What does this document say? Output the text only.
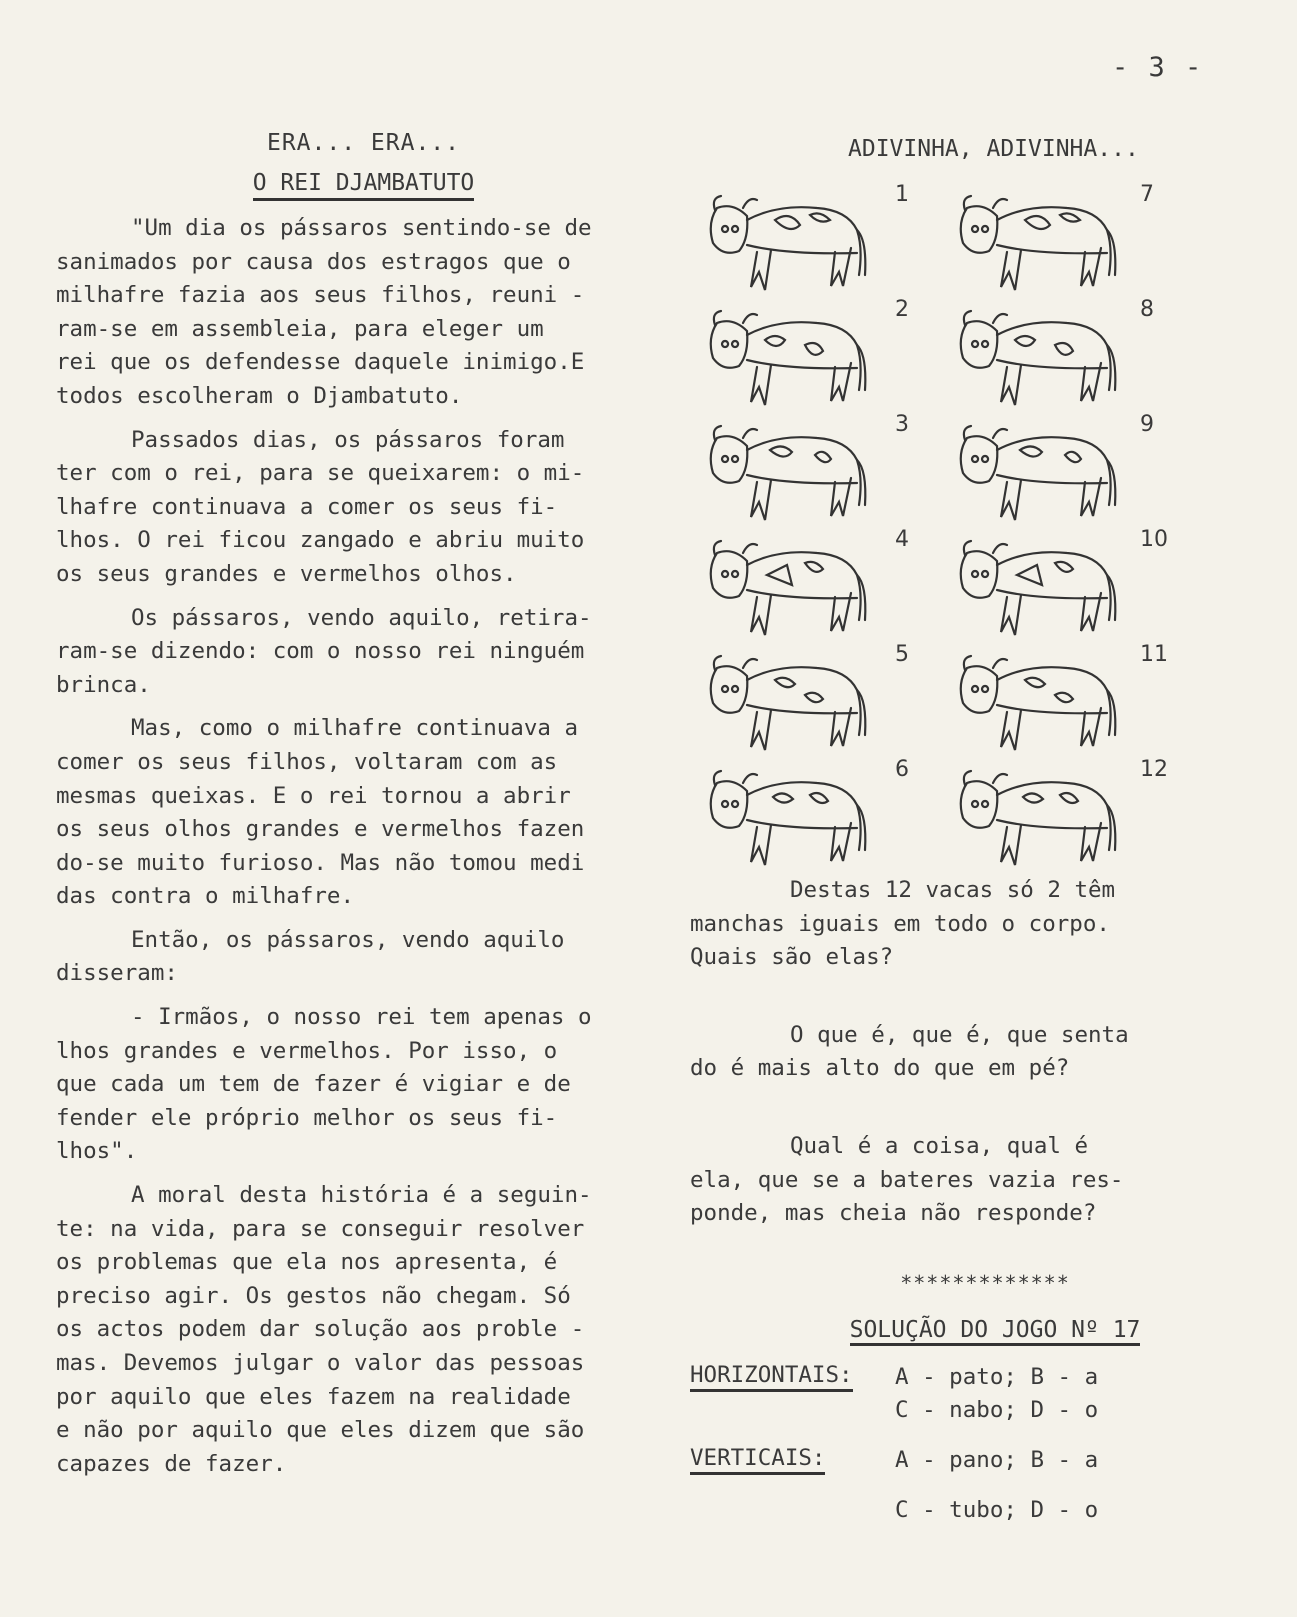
- 3 -
ERA... ERA...
O REI DJAMBATUTO
"Um dia os pássaros sentindo-se de
sanimados por causa dos estragos que o
milhafre fazia aos seus filhos, reuni -
ram-se em assembleia, para eleger um
rei que os defendesse daquele inimigo.E
todos escolheram o Djambatuto.
Passados dias, os pássaros foram
ter com o rei, para se queixarem: o mi-
lhafre continuava a comer os seus fi-
lhos. O rei ficou zangado e abriu muito
os seus grandes e vermelhos olhos.
Os pássaros, vendo aquilo, retira-
ram-se dizendo: com o nosso rei ninguém
brinca.
Mas, como o milhafre continuava a
comer os seus filhos, voltaram com as
mesmas queixas. E o rei tornou a abrir
os seus olhos grandes e vermelhos fazen
do-se muito furioso. Mas não tomou medi
das contra o milhafre.
Então, os pássaros, vendo aquilo
disseram:
- Irmãos, o nosso rei tem apenas o
lhos grandes e vermelhos. Por isso, o
que cada um tem de fazer é vigiar e de
fender ele próprio melhor os seus fi-
lhos".
A moral desta história é a seguin-
te: na vida, para se conseguir resolver
os problemas que ela nos apresenta, é
preciso agir. Os gestos não chegam. Só
os actos podem dar solução aos proble -
mas. Devemos julgar o valor das pessoas
por aquilo que eles fazem na realidade
e não por aquilo que eles dizem que são
capazes de fazer.
ADIVINHA, ADIVINHA...
1
2
3
4
5
6
7
8
9
10
11
12
Destas 12 vacas só 2 têm
manchas iguais em todo o corpo.
Quais são elas?
O que é, que é, que senta
do é mais alto do que em pé?
Qual é a coisa, qual é
ela, que se a bateres vazia res-
ponde, mas cheia não responde?
*************
SOLUÇÃO DO JOGO Nº 17
HORIZONTAIS: A - pato; B - a
C - nabo; D - o
VERTICAIS:	A - pano; B - a
C - tubo; D - o
